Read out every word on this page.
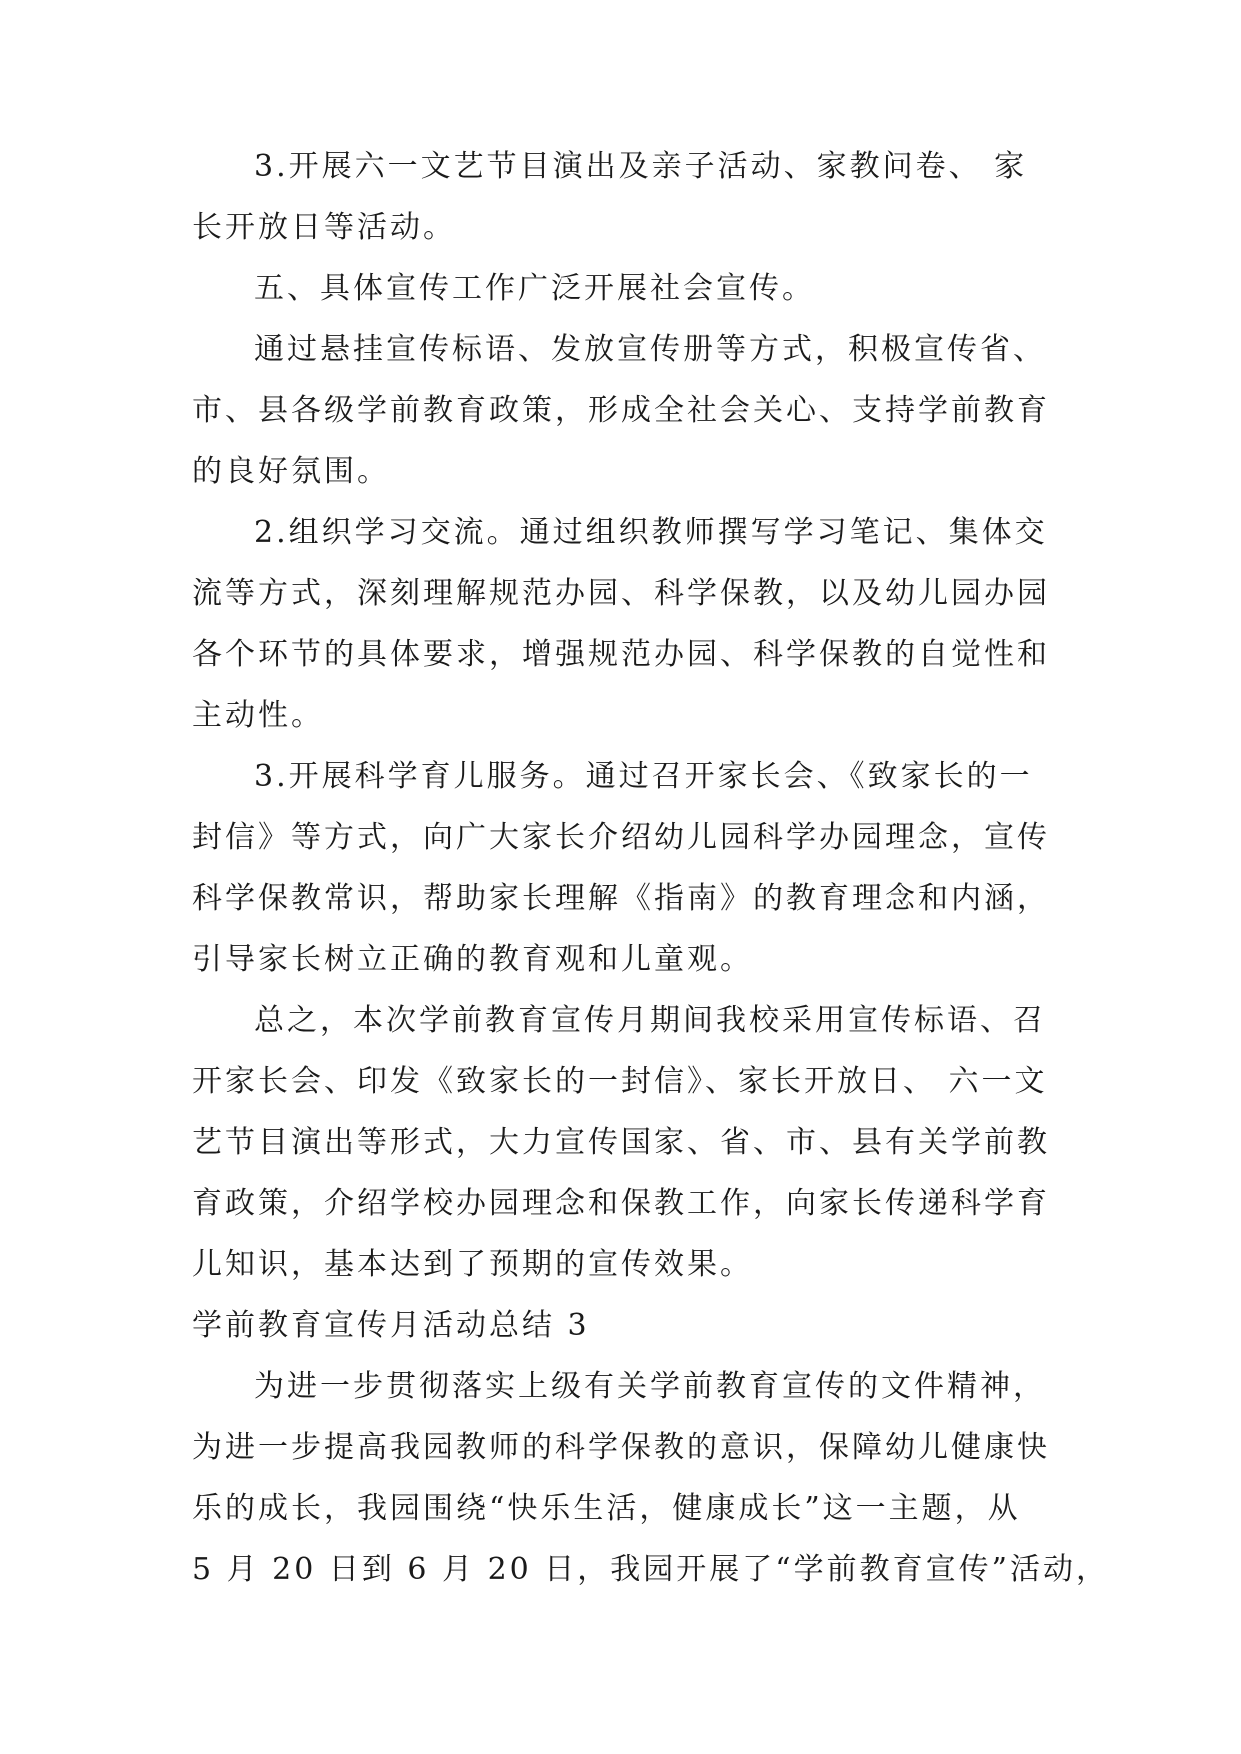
3.开展六一文艺节目演出及亲子活动、家教问卷、 家
长开放日等活动。
五、具体宣传工作广泛开展社会宣传。
通过悬挂宣传标语、发放宣传册等方式，积极宣传省、
市、县各级学前教育政策，形成全社会关心、支持学前教育
的良好氛围。
2.组织学习交流。通过组织教师撰写学习笔记、集体交
流等方式，深刻理解规范办园、科学保教，以及幼儿园办园
各个环节的具体要求，增强规范办园、科学保教的自觉性和
主动性。
3.开展科学育儿服务。通过召开家长会、《致家长的一
封信》等方式，向广大家长介绍幼儿园科学办园理念，宣传
科学保教常识，帮助家长理解《指南》的教育理念和内涵，
引导家长树立正确的教育观和儿童观。
总之，本次学前教育宣传月期间我校采用宣传标语、召
开家长会、印发《致家长的一封信》、家长开放日、 六一文
艺节目演出等形式，大力宣传国家、省、市、县有关学前教
育政策，介绍学校办园理念和保教工作，向家长传递科学育
儿知识，基本达到了预期的宣传效果。
学前教育宣传月活动总结 3
为进一步贯彻落实上级有关学前教育宣传的文件精神，
为进一步提高我园教师的科学保教的意识，保障幼儿健康快
乐的成长，我园围绕“快乐生活，健康成长”这一主题，从
5 月 20 日到 6 月 20 日，我园开展了“学前教育宣传”活动，
